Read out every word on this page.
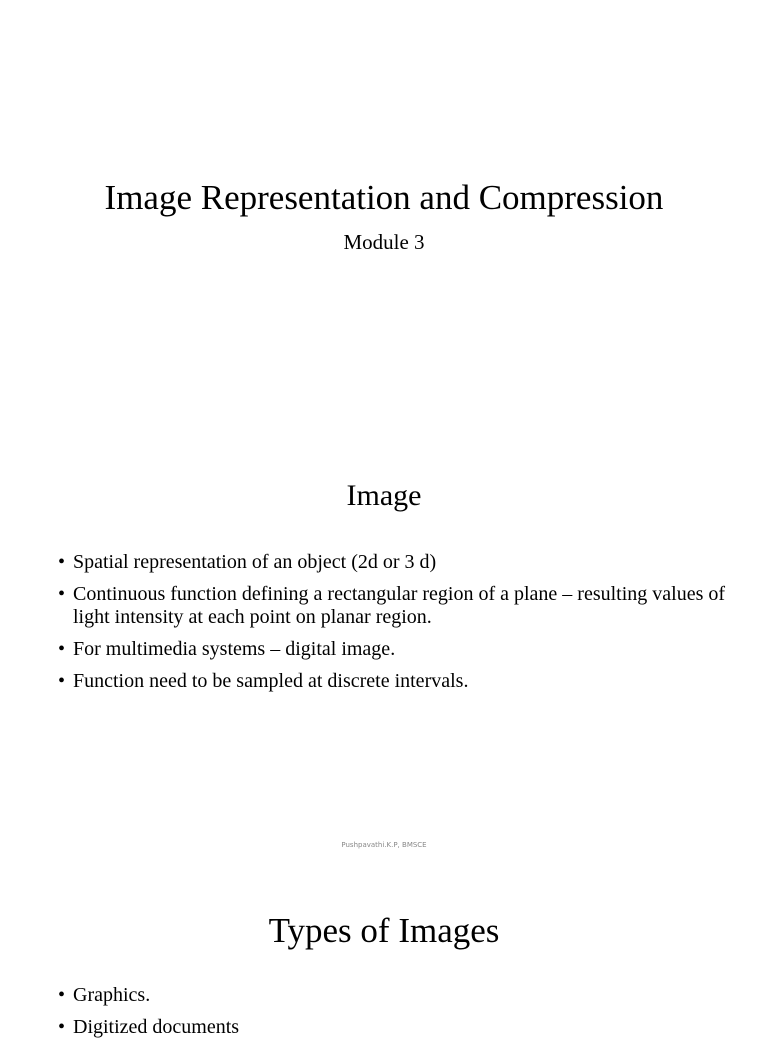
Image Representation and Compression
Module 3
Image
• Spatial representation of an object (2d or 3 d)
• Continuous function defining a rectangular region of a plane – resulting values of light intensity at each point on planar region.
• For multimedia systems – digital image.
• Function need to be sampled at discrete intervals.
Pushpavathi.K.P, BMSCE
Types of Images
• Graphics.
• Digitized documents
